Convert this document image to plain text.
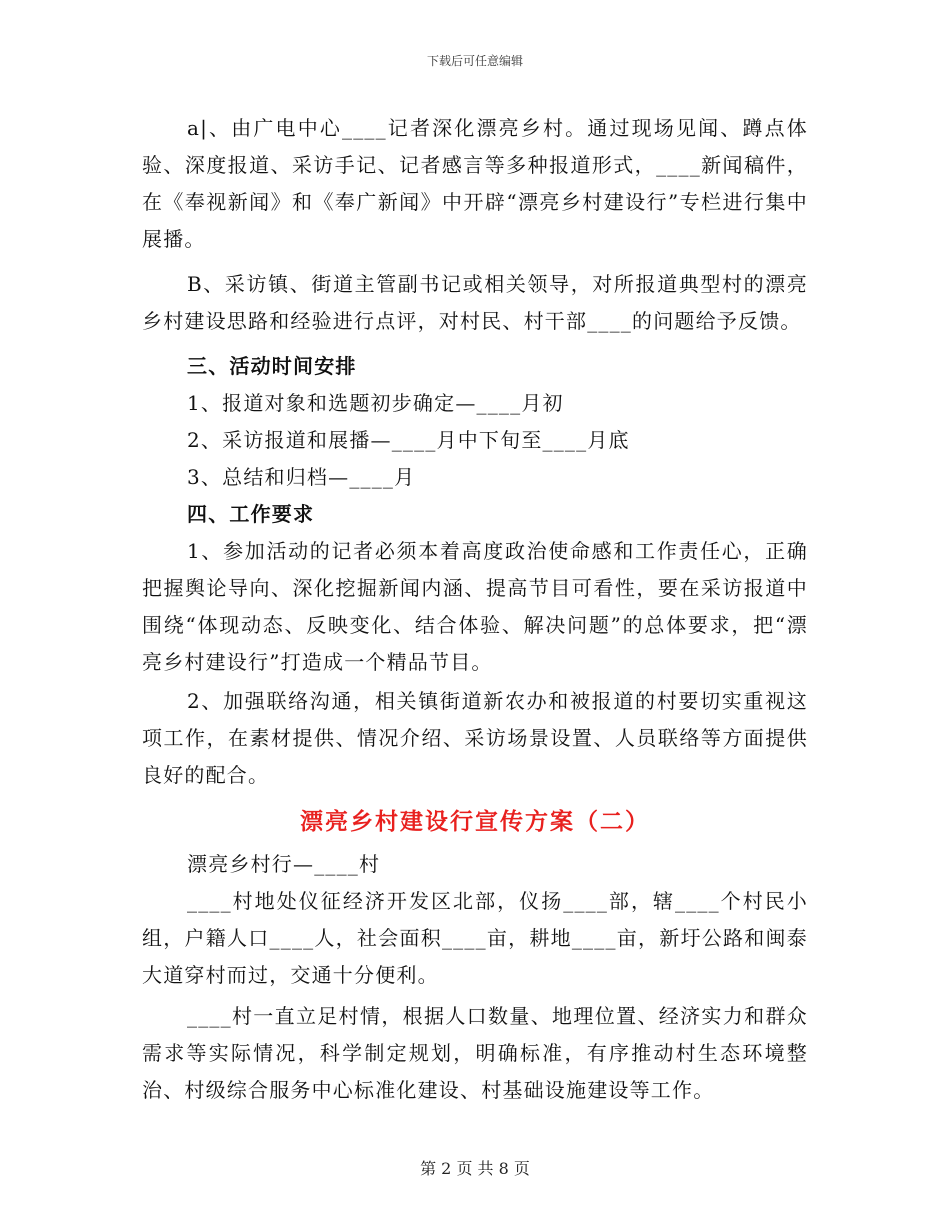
下载后可任意编辑

a|、由广电中心____记者深化漂亮乡村。通过现场见闻、蹲点体验、深度报道、采访手记、记者感言等多种报道形式，____新闻稿件，在《奉视新闻》和《奉广新闻》中开辟“漂亮乡村建设行”专栏进行集中展播。

B、采访镇、街道主管副书记或相关领导，对所报道典型村的漂亮乡村建设思路和经验进行点评，对村民、村干部____的问题给予反馈。

三、活动时间安排

1、报道对象和选题初步确定—____月初

2、采访报道和展播—____月中下旬至____月底

3、总结和归档—____月

四、工作要求

1、参加活动的记者必须本着高度政治使命感和工作责任心，正确把握舆论导向、深化挖掘新闻内涵、提高节目可看性，要在采访报道中围绕“体现动态、反映变化、结合体验、解决问题”的总体要求，把“漂亮乡村建设行”打造成一个精品节目。

2、加强联络沟通，相关镇街道新农办和被报道的村要切实重视这项工作，在素材提供、情况介绍、采访场景设置、人员联络等方面提供良好的配合。

漂亮乡村建设行宣传方案（二）

漂亮乡村行—____村

____村地处仪征经济开发区北部，仪扬____部，辖____个村民小组，户籍人口____人，社会面积____亩，耕地____亩，新圩公路和闽泰大道穿村而过，交通十分便利。

____村一直立足村情，根据人口数量、地理位置、经济实力和群众需求等实际情况，科学制定规划，明确标准，有序推动村生态环境整治、村级综合服务中心标准化建设、村基础设施建设等工作。

第 2 页 共 8 页
